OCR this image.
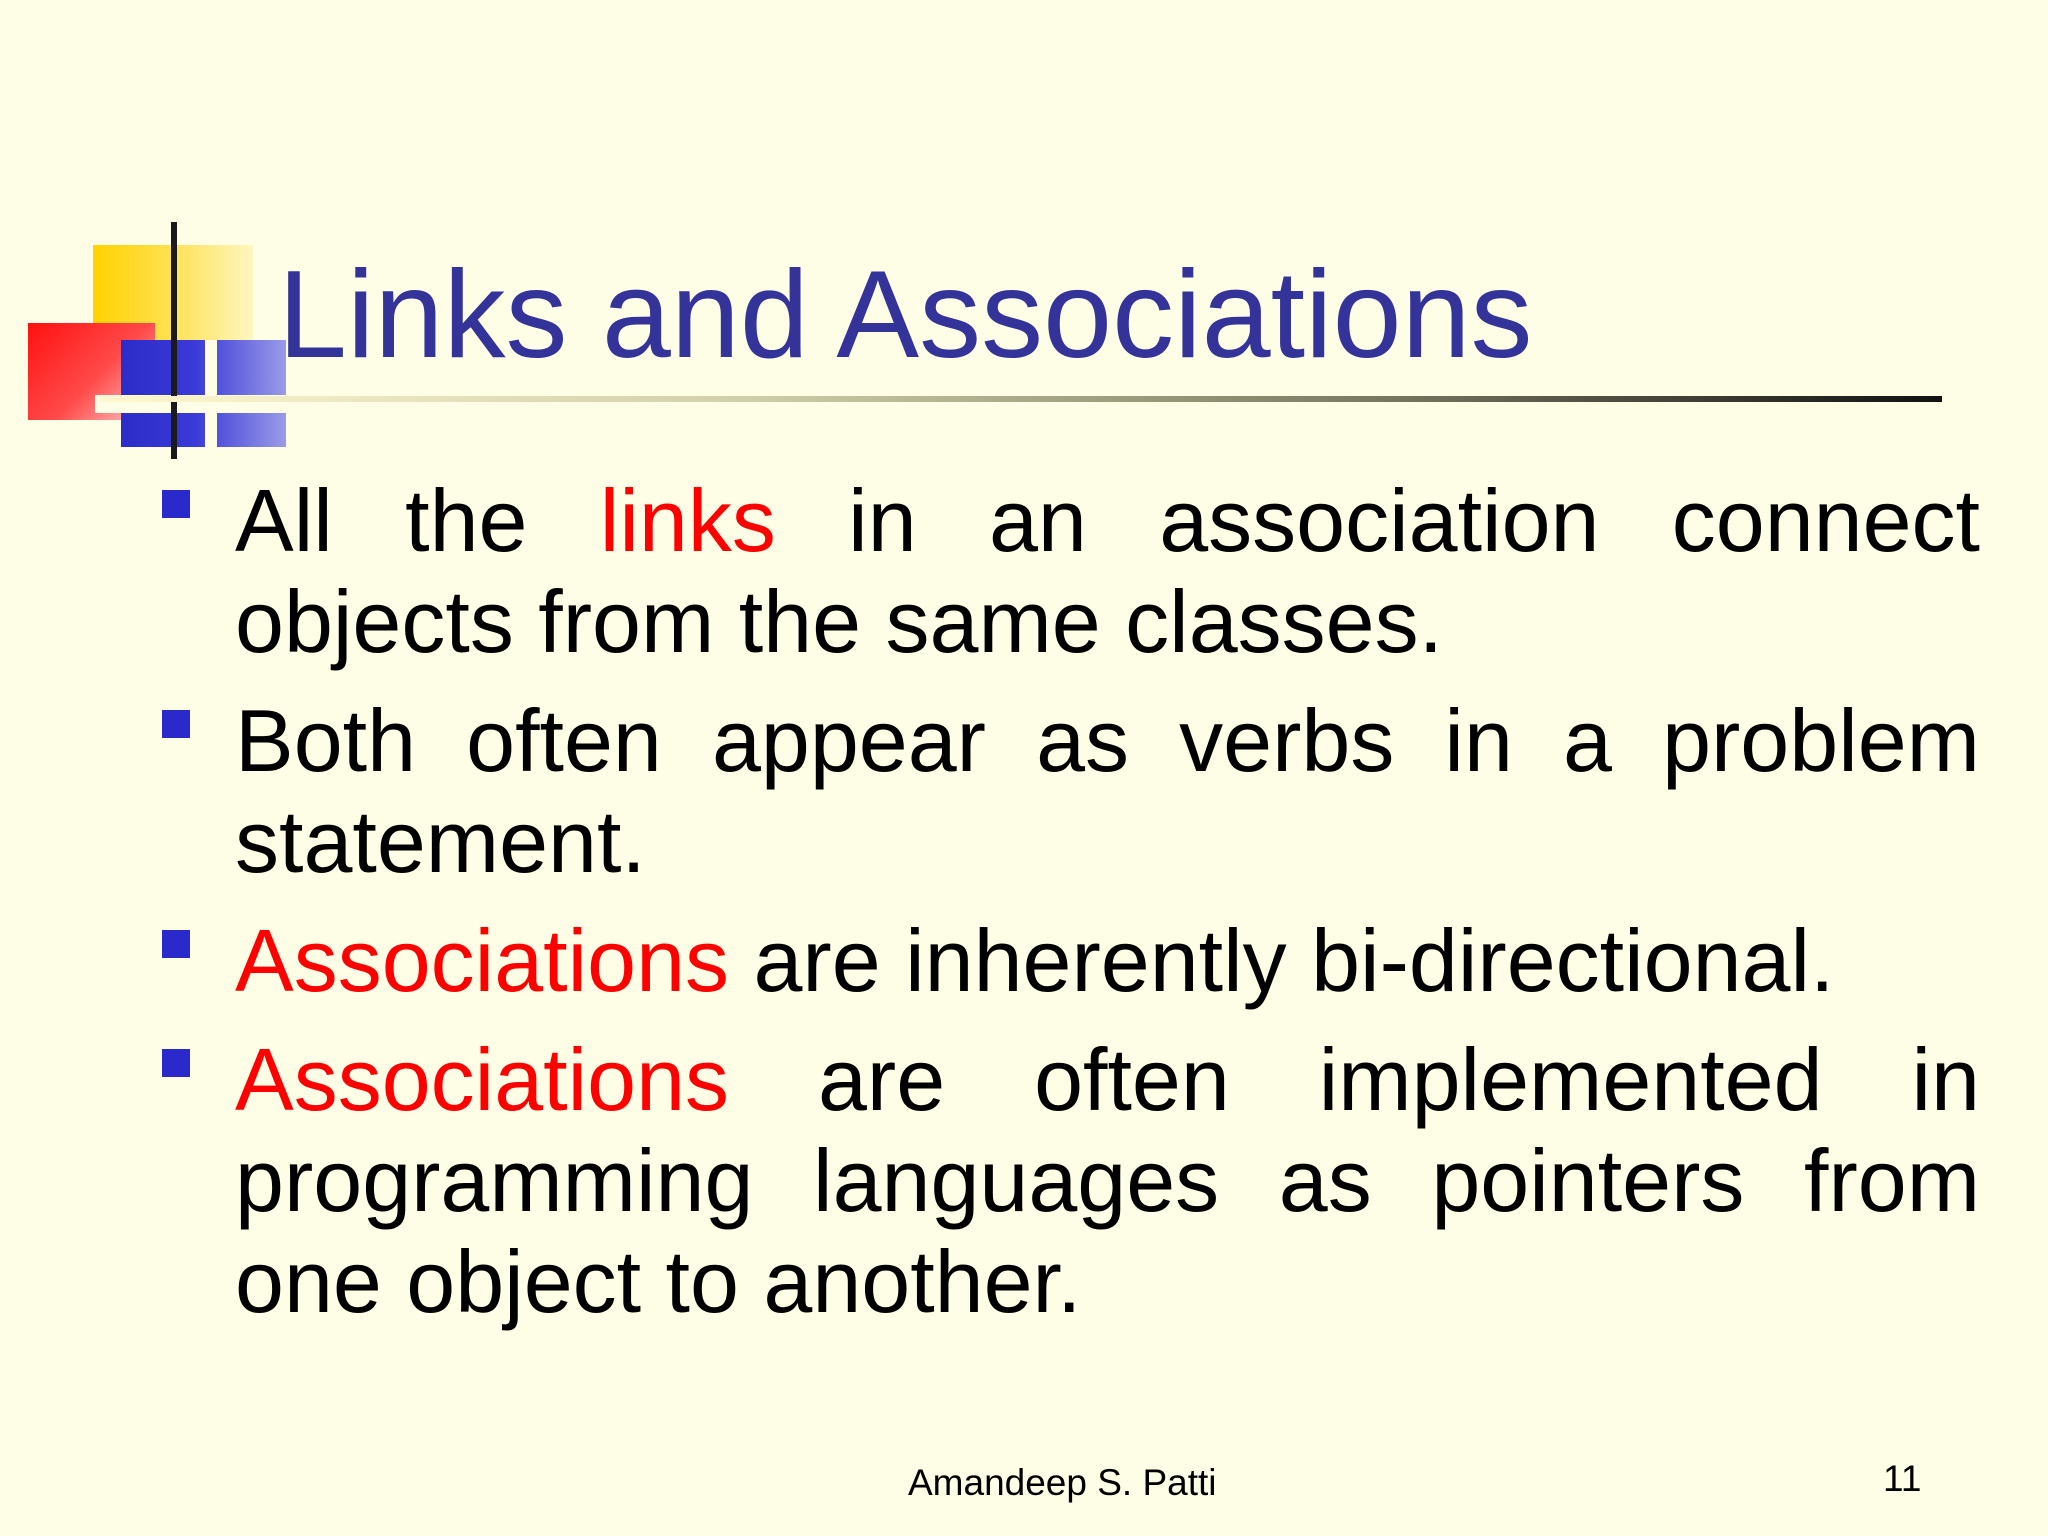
Links and Associations
All the links in an association connect
objects from the same classes.
Both often appear as verbs in a problem
statement.
Associations are inherently bi-directional.
Associations are often implemented in
programming languages as pointers from
one object to another.
Amandeep S. Patti	11
